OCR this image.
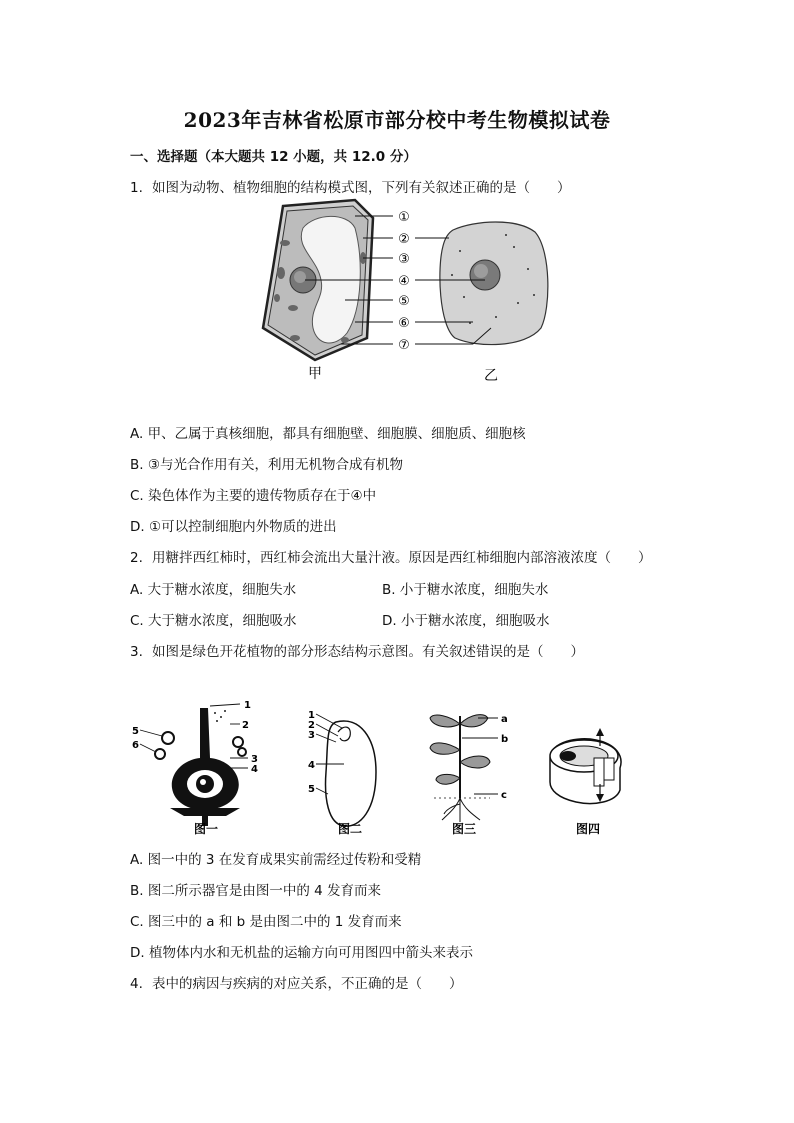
2023年吉林省松原市部分校中考生物模拟试卷
一、选择题（本大题共 12 小题，共 12.0 分）
1. 如图为动物、植物细胞的结构模式图，下列有关叙述正确的是（　　）
①
②
③
④
⑤
⑥
⑦
甲	乙
A. 甲、乙属于真核细胞，都具有细胞壁、细胞膜、细胞质、细胞核
B. ③与光合作用有关，利用无机物合成有机物
C. 染色体作为主要的遗传物质存在于④中
D. ①可以控制细胞内外物质的进出
2. 用糖拌西红柿时，西红柿会流出大量汁液。原因是西红柿细胞内部溶液浓度（　　）
A. 大于糖水浓度，细胞失水	B. 小于糖水浓度，细胞失水
C. 大于糖水浓度，细胞吸水	D. 小于糖水浓度，细胞吸水
3. 如图是绿色开花植物的部分形态结构示意图。有关叙述错误的是（　　）
1
2
3
4
5
6
1
2
3
4
5
a
b
c
图一	图二	图三	图四
A. 图一中的 3 在发育成果实前需经过传粉和受精
B. 图二所示器官是由图一中的 4 发育而来
C. 图三中的 a 和 b 是由图二中的 1 发育而来
D. 植物体内水和无机盐的运输方向可用图四中箭头来表示
4. 表中的病因与疾病的对应关系，不正确的是（　　）
